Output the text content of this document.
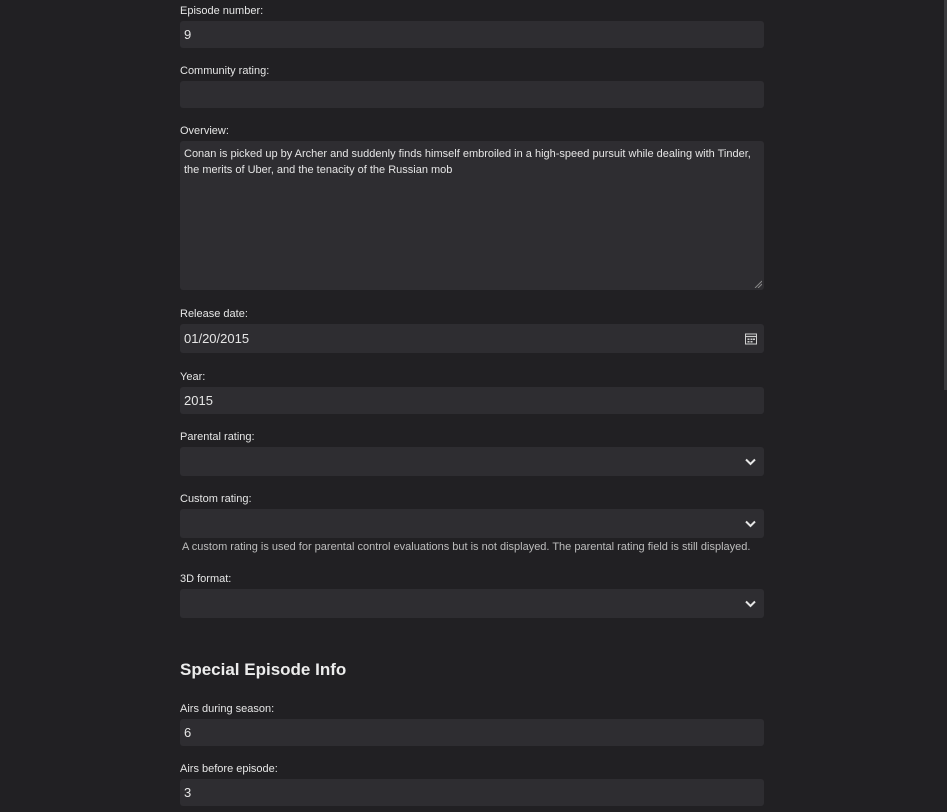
Episode number:
9
Community rating:
Overview:
Conan is picked up by Archer and suddenly finds himself embroiled in a high-speed pursuit while dealing with Tinder, the merits of Uber, and the tenacity of the Russian mob
Release date:
01/20/2015
Year:
2015
Parental rating:
Custom rating:
A custom rating is used for parental control evaluations but is not displayed. The parental rating field is still displayed.
3D format:
Special Episode Info
Airs during season:
6
Airs before episode:
3
